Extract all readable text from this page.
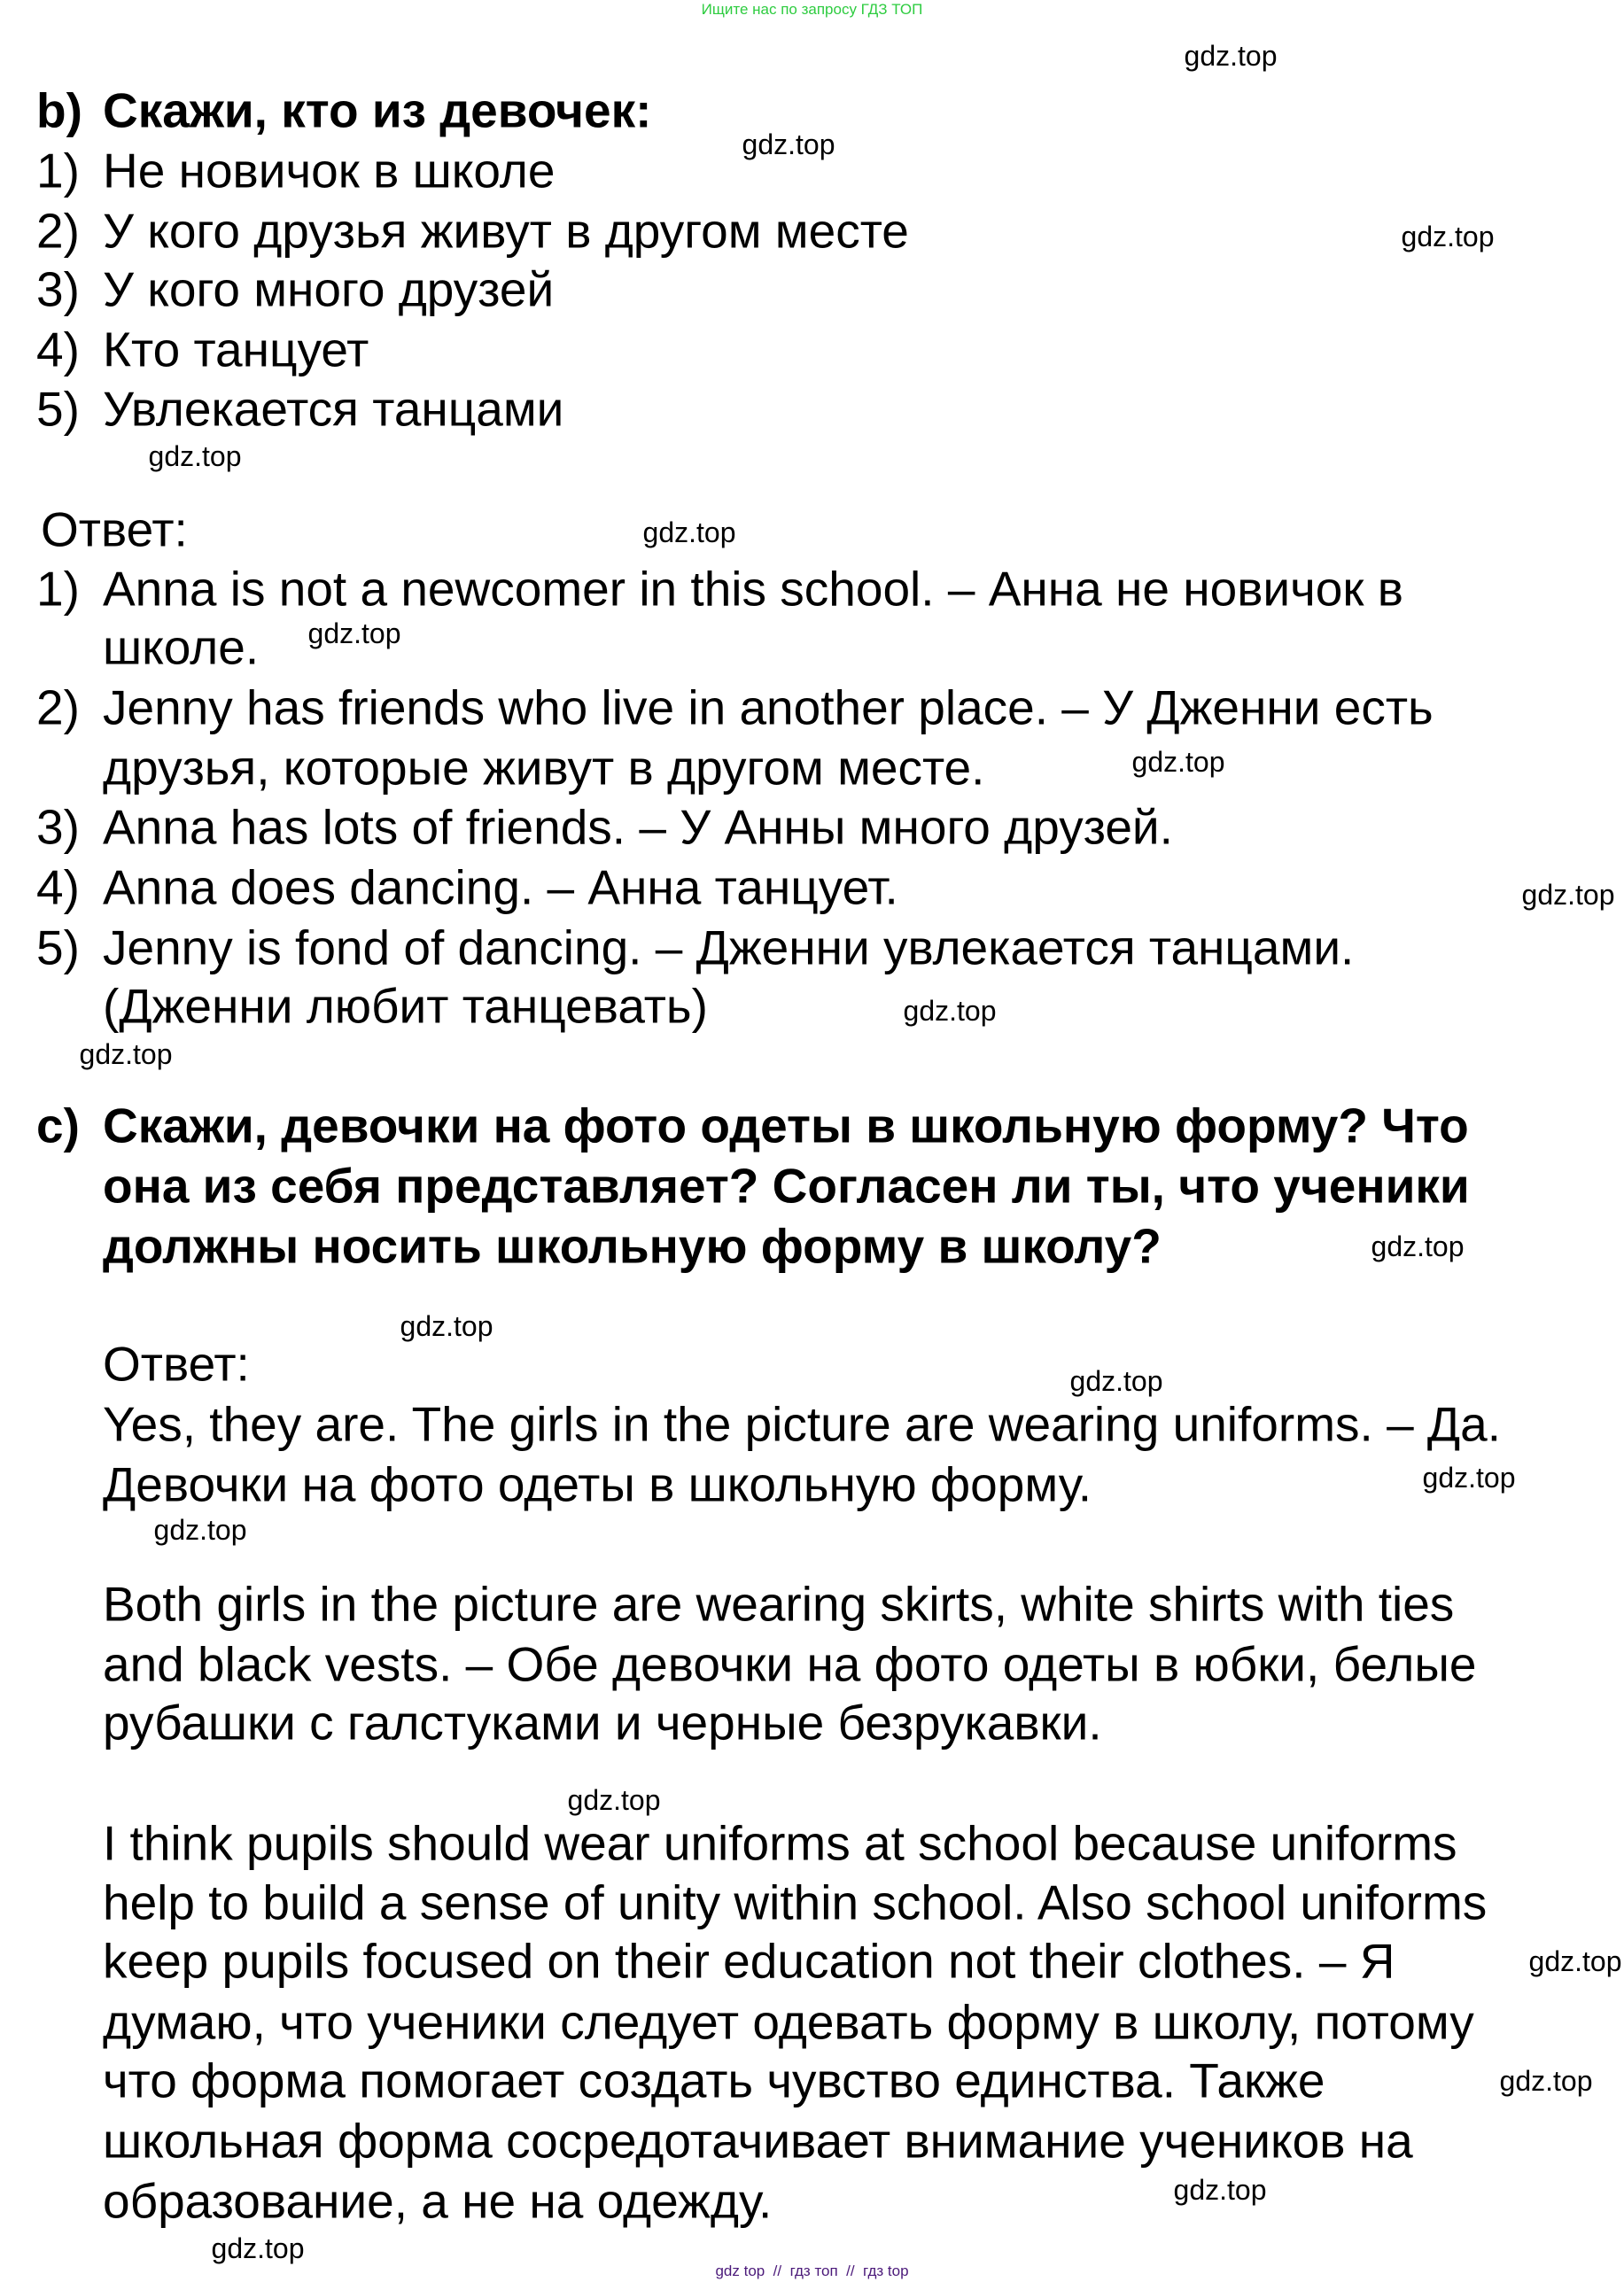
Ищите нас по запросу ГДЗ ТОП
b) Скажи, кто из девочек:
1) Не новичок в школе
2) У кого друзья живут в другом месте
3) У кого много друзей
4) Кто танцует
5) Увлекается танцами
Ответ:
1) Anna is not a newcomer in this school. – Анна не новичок в
школе.
2) Jenny has friends who live in another place. – У Дженни есть
друзья, которые живут в другом месте.
3) Anna has lots of friends. – У Анны много друзей.
4) Anna does dancing. – Анна танцует.
5) Jenny is fond of dancing. – Дженни увлекается танцами.
(Дженни любит танцевать)
c) Скажи, девочки на фото одеты в школьную форму? Что
она из себя представляет? Согласен ли ты, что ученики
должны носить школьную форму в школу?
Ответ:
Yes, they are. The girls in the picture are wearing uniforms. – Да.
Девочки на фото одеты в школьную форму.
Both girls in the picture are wearing skirts, white shirts with ties
and black vests. – Обе девочки на фото одеты в юбки, белые
рубашки с галстуками и черные безрукавки.
I think pupils should wear uniforms at school because uniforms
help to build a sense of unity within school. Also school uniforms
keep pupils focused on their education not their clothes. – Я
думаю, что ученики следует одевать форму в школу, потому
что форма помогает создать чувство единства. Также
школьная форма сосредотачивает внимание учеников на
образование, а не на одежду.
gdz.top
gdz.top
gdz.top
gdz.top
gdz.top
gdz.top
gdz.top
gdz.top
gdz.top
gdz.top
gdz.top
gdz.top
gdz.top
gdz.top
gdz.top
gdz.top
gdz.top
gdz.top
gdz.top
gdz.top
gdz top  //  гдз топ  //  гдз top
